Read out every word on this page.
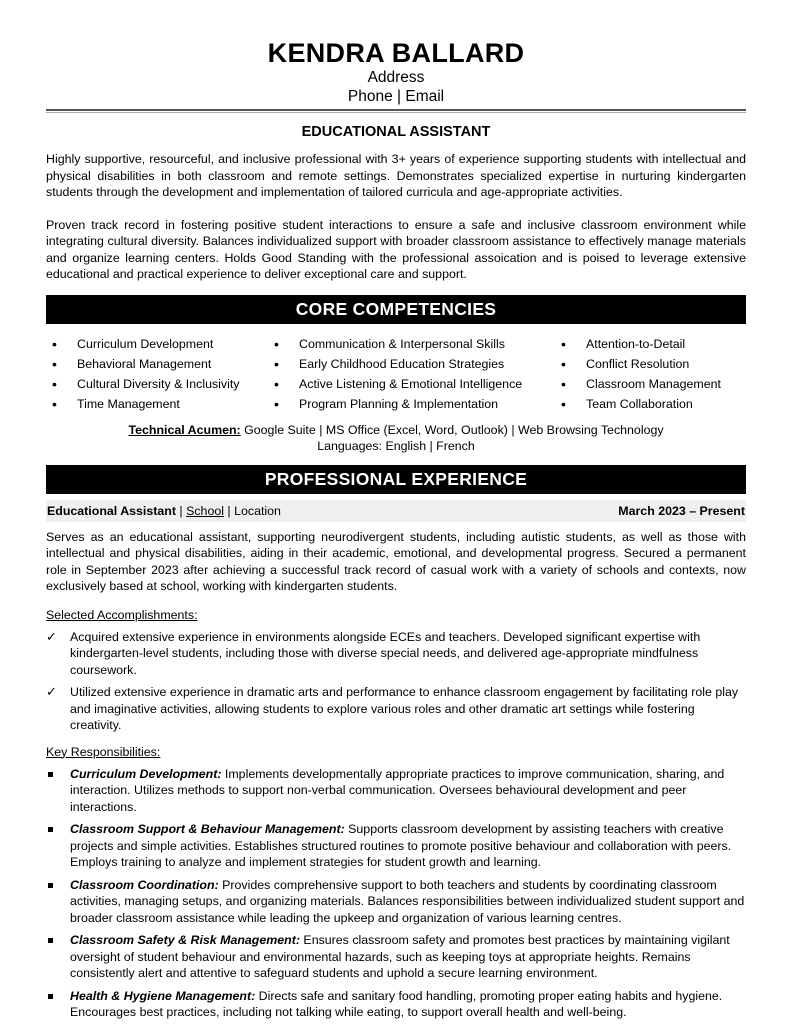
KENDRA BALLARD
Address
Phone | Email
EDUCATIONAL ASSISTANT

Highly supportive, resourceful, and inclusive professional with 3+ years of experience supporting students with intellectual and physical disabilities in both classroom and remote settings. Demonstrates specialized expertise in nurturing kindergarten students through the development and implementation of tailored curricula and age-appropriate activities.

Proven track record in fostering positive student interactions to ensure a safe and inclusive classroom environment while integrating cultural diversity. Balances individualized support with broader classroom assistance to effectively manage materials and organize learning centers. Holds Good Standing with the professional assoication and is poised to leverage extensive educational and practical experience to deliver exceptional care and support.

CORE COMPETENCIES
• Curriculum Development
• Behavioral Management
• Cultural Diversity & Inclusivity
• Time Management
• Communication & Interpersonal Skills
• Early Childhood Education Strategies
• Active Listening & Emotional Intelligence
• Program Planning & Implementation
• Attention-to-Detail
• Conflict Resolution
• Classroom Management
• Team Collaboration
Technical Acumen: Google Suite | MS Office (Excel, Word, Outlook) | Web Browsing Technology
Languages: English | French
PROFESSIONAL EXPERIENCE
Educational Assistant | School | Location	March 2023 – Present

Serves as an educational assistant, supporting neurodivergent students, including autistic students, as well as those with intellectual and physical disabilities, aiding in their academic, emotional, and developmental progress. Secured a permanent role in September 2023 after achieving a successful track record of casual work with a variety of schools and contexts, now exclusively based at school, working with kindergarten students.

Selected Accomplishments:
✓ Acquired extensive experience in environments alongside ECEs and teachers. Developed significant expertise with kindergarten-level students, including those with diverse special needs, and delivered age-appropriate mindfulness coursework.
✓ Utilized extensive experience in dramatic arts and performance to enhance classroom engagement by facilitating role play and imaginative activities, allowing students to explore various roles and other dramatic art settings while fostering creativity.
Key Responsibilities:
Curriculum Development: Implements developmentally appropriate practices to improve communication, sharing, and interaction. Utilizes methods to support non-verbal communication. Oversees behavioural development and peer interactions.
Classroom Support & Behaviour Management: Supports classroom development by assisting teachers with creative projects and simple activities. Establishes structured routines to promote positive behaviour and collaboration with peers. Employs training to analyze and implement strategies for student growth and learning.
Classroom Coordination: Provides comprehensive support to both teachers and students by coordinating classroom activities, managing setups, and organizing materials. Balances responsibilities between individualized student support and broader classroom assistance while leading the upkeep and organization of various learning centres.
Classroom Safety & Risk Management: Ensures classroom safety and promotes best practices by maintaining vigilant oversight of student behaviour and environmental hazards, such as keeping toys at appropriate heights. Remains consistently alert and attentive to safeguard students and uphold a secure learning environment.
Health & Hygiene Management: Directs safe and sanitary food handling, promoting proper eating habits and hygiene. Encourages best practices, including not talking while eating, to support overall health and well-being.
